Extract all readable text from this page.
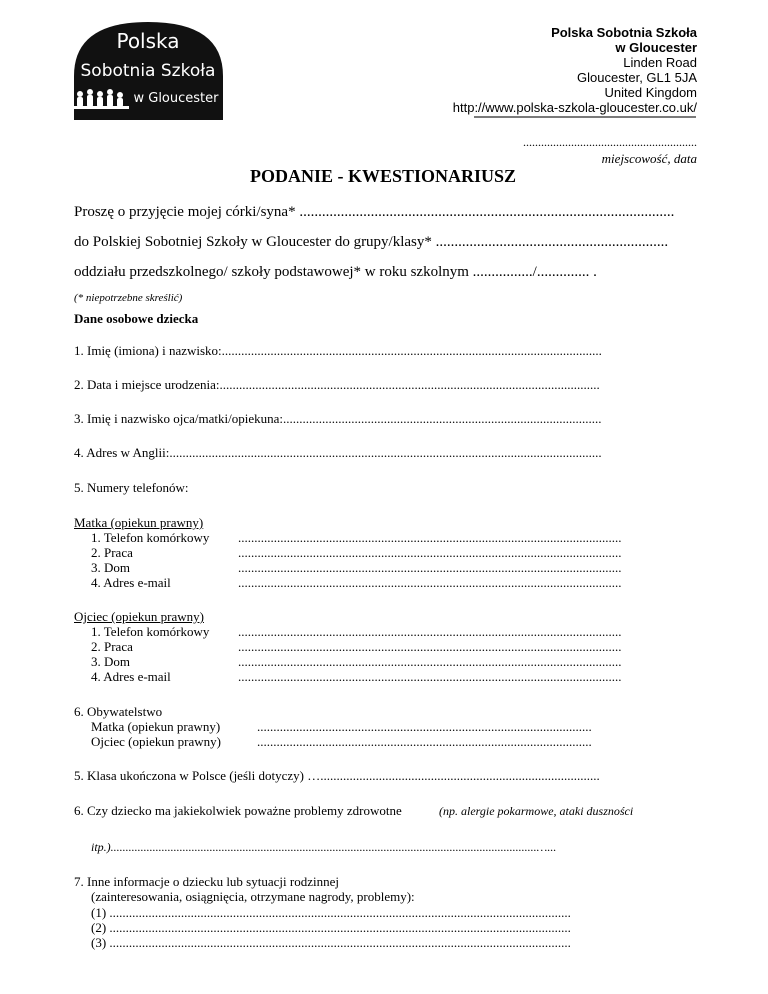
Polska
Sobotnia Szkoła
w Gloucester
Polska Sobotnia Szkoła
w Gloucester
Linden Road
Gloucester, GL1 5JA
United Kingdom
http://www.polska-szkola-gloucester.co.uk/
..........................................................
miejscowość, data
PODANIE - KWESTIONARIUSZ
Proszę o przyjęcie mojej córki/syna* ....................................................................................................
do Polskiej Sobotniej Szkoły w Gloucester do grupy/klasy* ..............................................................
oddziału przedszkolnego/ szkoły podstawowej* w roku szkolnym ................/.............. .
(* niepotrzebne skreślić)
Dane osobowe dziecka
1. Imię (imiona) i nazwisko:.....................................................................................................................
2. Data i miejsce urodzenia:.....................................................................................................................
3. Imię i nazwisko ojca/matki/opiekuna:..................................................................................................
4. Adres w Anglii:.....................................................................................................................................
5. Numery telefonów:
Matka (opiekun prawny)
1. Telefon komórkowy
2. Praca
3. Dom
4. Adres e-mail
......................................................................................................................
......................................................................................................................
......................................................................................................................
......................................................................................................................
Ojciec (opiekun prawny)
1. Telefon komórkowy
2. Praca
3. Dom
4. Adres e-mail
......................................................................................................................
......................................................................................................................
......................................................................................................................
......................................................................................................................
6. Obywatelstwo
Matka (opiekun prawny)
Ojciec (opiekun prawny)
.......................................................................................................
.......................................................................................................
5. Klasa ukończona w Polsce (jeśli dotyczy) …......................................................................................
6. Czy dziecko ma jakiekolwiek poważne problemy zdrowotne	(np. alergie pokarmowe, ataki duszności
itp.)..............................................................................................................................................…...
7. Inne informacje o dziecku lub sytuacji rodzinnej
(zainteresowania, osiągnięcia, otrzymane nagrody, problemy):
(1) ..............................................................................................................................................
(2) ..............................................................................................................................................
(3) ..............................................................................................................................................
